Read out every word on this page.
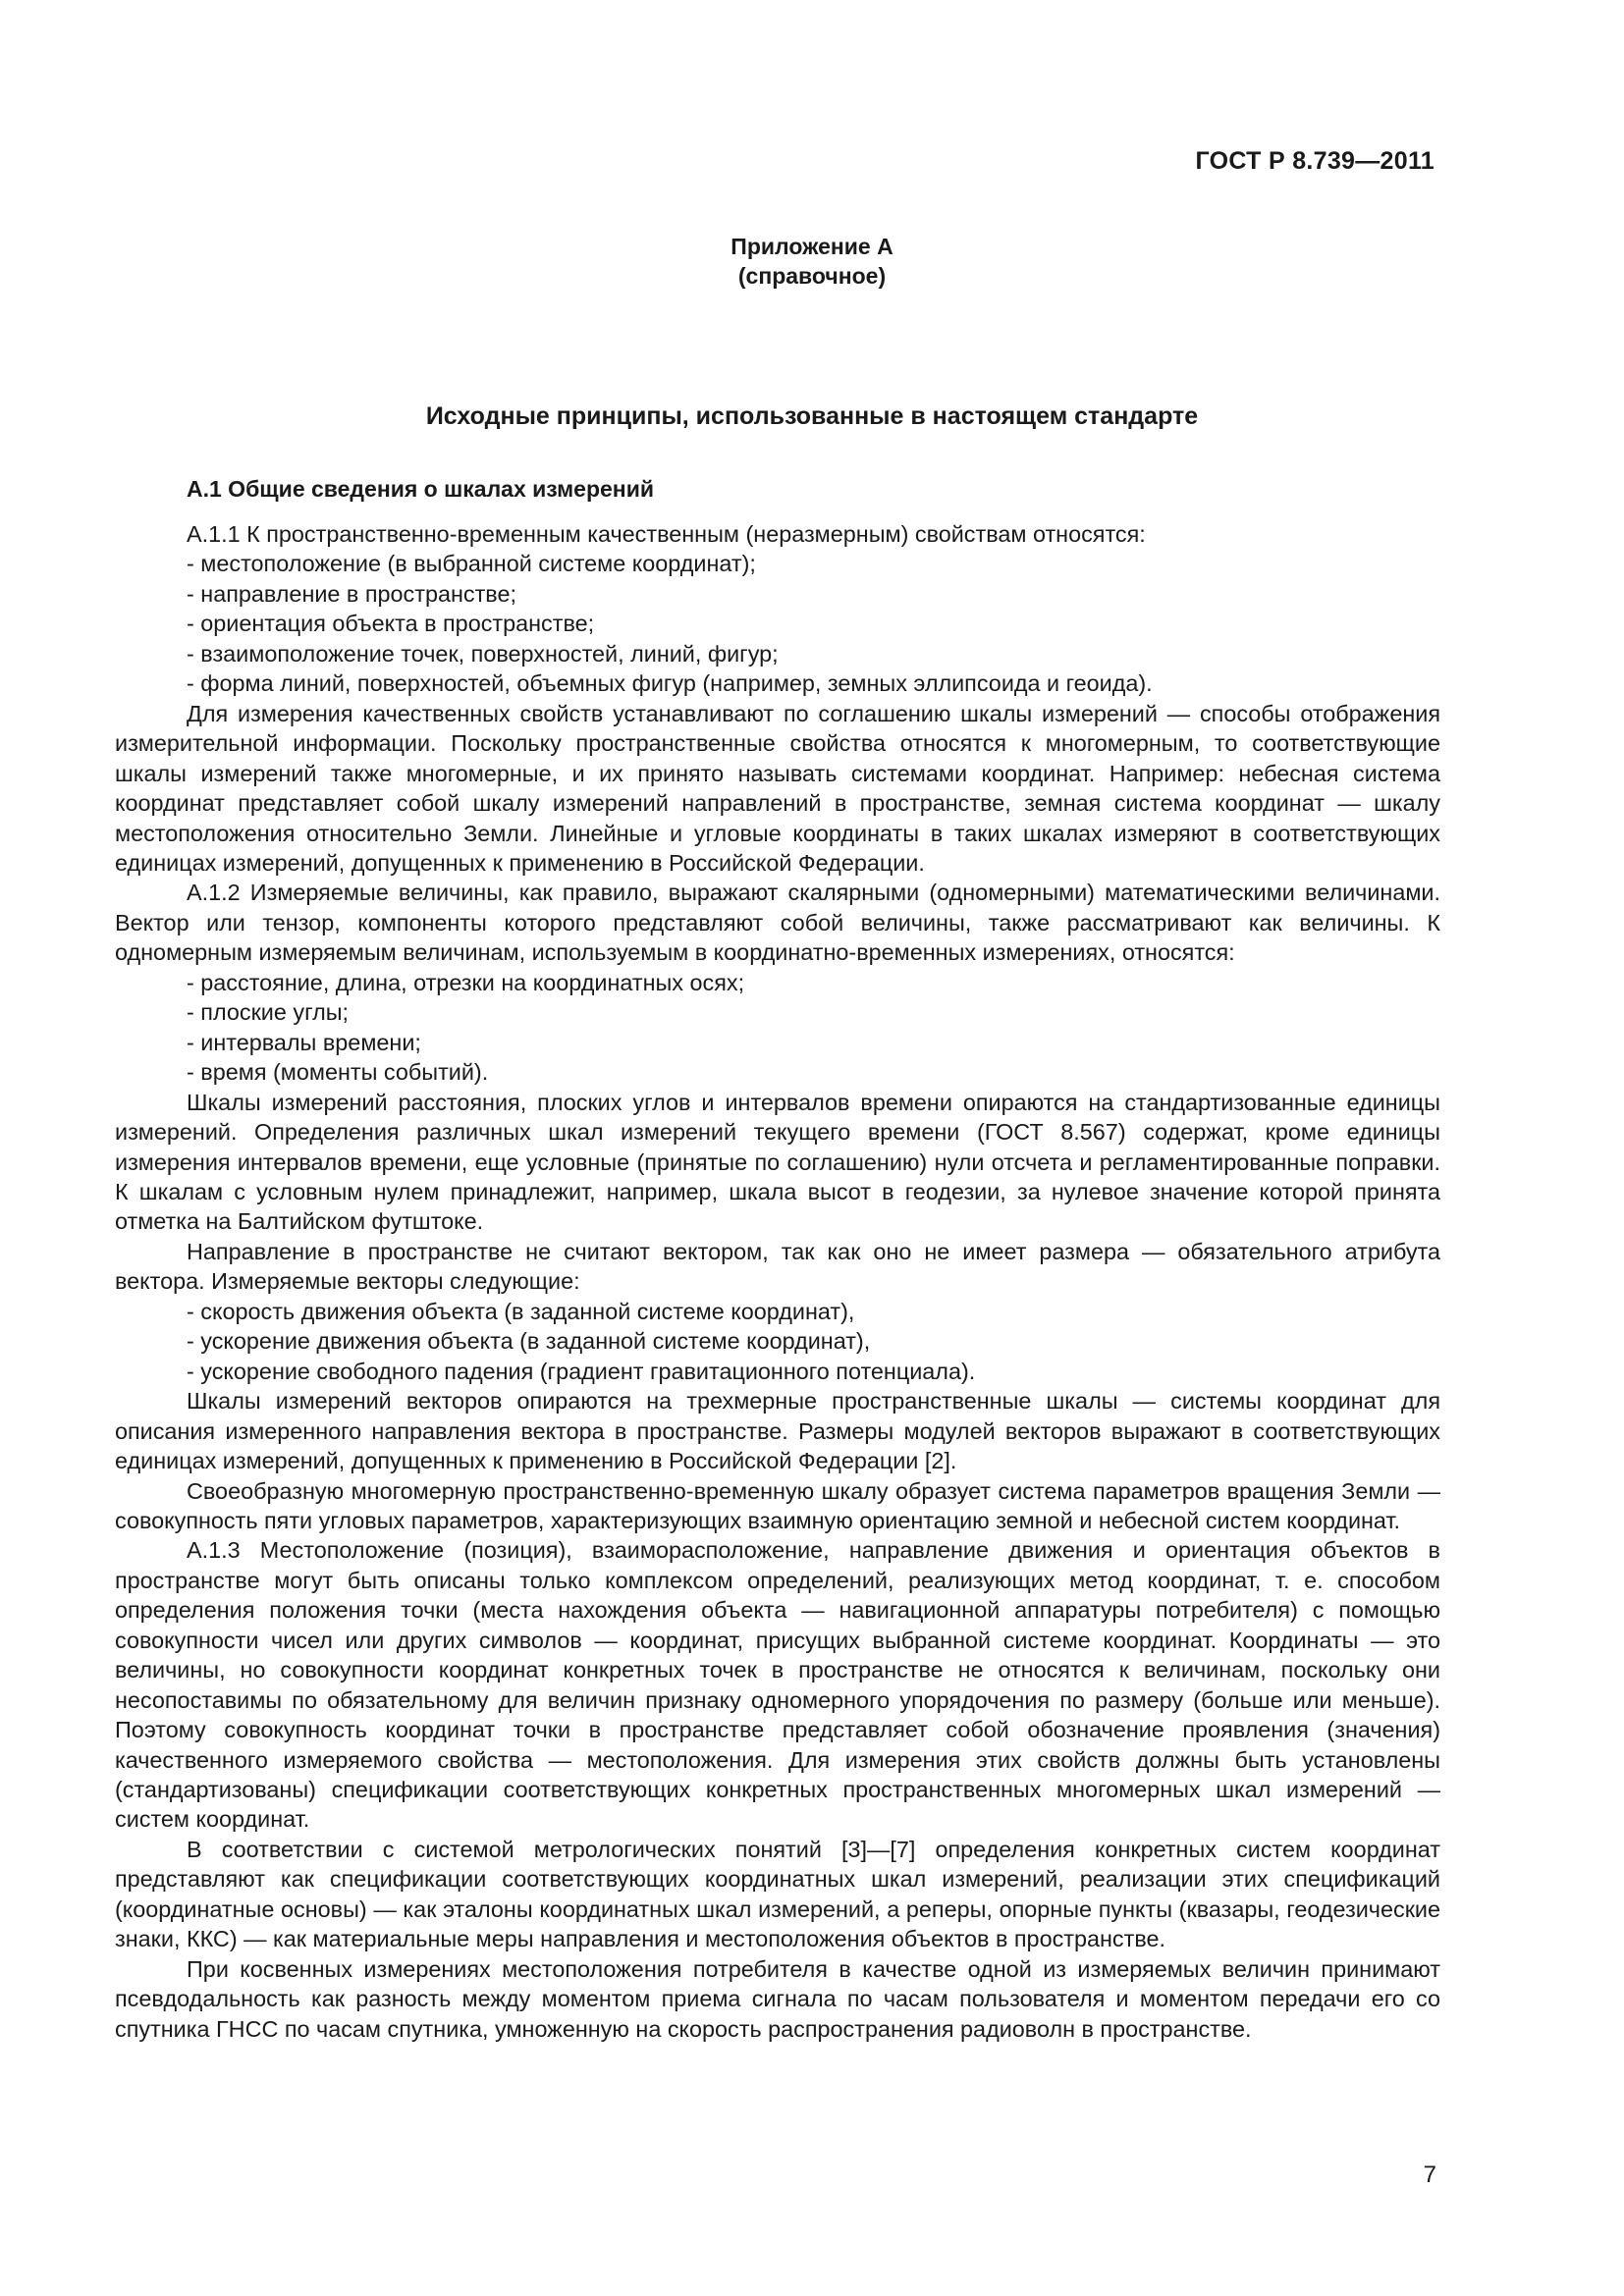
ГОСТ Р 8.739—2011
Приложение А
(справочное)
Исходные принципы, использованные в настоящем стандарте
А.1 Общие сведения о шкалах измерений

А.1.1 К пространственно-временным качественным (неразмерным) свойствам относятся:

- местоположение (в выбранной системе координат);

- направление в пространстве;

- ориентация объекта в пространстве;

- взаимоположение точек, поверхностей, линий, фигур;

- форма линий, поверхностей, объемных фигур (например, земных эллипсоида и геоида).

Для измерения качественных свойств устанавливают по соглашению шкалы измерений — способы отображения измерительной информации. Поскольку пространственные свойства относятся к многомерным, то соответствующие шкалы измерений также многомерные, и их принято называть системами координат. Например: небесная система координат представляет собой шкалу измерений направлений в пространстве, земная система координат — шкалу местоположения относительно Земли. Линейные и угловые координаты в таких шкалах измеряют в соответствующих единицах измерений, допущенных к применению в Российской Федерации.

А.1.2 Измеряемые величины, как правило, выражают скалярными (одномерными) математическими величинами. Вектор или тензор, компоненты которого представляют собой величины, также рассматривают как величины. К одномерным измеряемым величинам, используемым в координатно-временных измерениях, относятся:

- расстояние, длина, отрезки на координатных осях;

- плоские углы;

- интервалы времени;

- время (моменты событий).

Шкалы измерений расстояния, плоских углов и интервалов времени опираются на стандартизованные единицы измерений. Определения различных шкал измерений текущего времени (ГОСТ 8.567) содержат, кроме единицы измерения интервалов времени, еще условные (принятые по соглашению) нули отсчета и регламентированные поправки. К шкалам с условным нулем принадлежит, например, шкала высот в геодезии, за нулевое значение которой принята отметка на Балтийском футштоке.

Направление в пространстве не считают вектором, так как оно не имеет размера — обязательного атрибута вектора. Измеряемые векторы следующие:

- скорость движения объекта (в заданной системе координат),

- ускорение движения объекта (в заданной системе координат),

- ускорение свободного падения (градиент гравитационного потенциала).

Шкалы измерений векторов опираются на трехмерные пространственные шкалы — системы координат для описания измеренного направления вектора в пространстве. Размеры модулей векторов выражают в соответствующих единицах измерений, допущенных к применению в Российской Федерации [2].

Своеобразную многомерную пространственно-временную шкалу образует система параметров вращения Земли — совокупность пяти угловых параметров, характеризующих взаимную ориентацию земной и небесной систем координат.

А.1.3 Местоположение (позиция), взаиморасположение, направление движения и ориентация объектов в пространстве могут быть описаны только комплексом определений, реализующих метод координат, т. е. способом определения положения точки (места нахождения объекта — навигационной аппаратуры потребителя) с помощью совокупности чисел или других символов — координат, присущих выбранной системе координат. Координаты — это величины, но совокупности координат конкретных точек в пространстве не относятся к величинам, поскольку они несопоставимы по обязательному для величин признаку одномерного упорядочения по размеру (больше или меньше). Поэтому совокупность координат точки в пространстве представляет собой обозначение проявления (значения) качественного измеряемого свойства — местоположения. Для измерения этих свойств должны быть установлены (стандартизованы) спецификации соответствующих конкретных пространственных многомерных шкал измерений — систем координат.

В соответствии с системой метрологических понятий [3]—[7] определения конкретных систем координат представляют как спецификации соответствующих координатных шкал измерений, реализации этих спецификаций (координатные основы) — как эталоны координатных шкал измерений, а реперы, опорные пункты (квазары, геодезические знаки, ККС) — как материальные меры направления и местоположения объектов в пространстве.

При косвенных измерениях местоположения потребителя в качестве одной из измеряемых величин принимают псевдодальность как разность между моментом приема сигнала по часам пользователя и моментом передачи его со спутника ГНСС по часам спутника, умноженную на скорость распространения радиоволн в пространстве.

7
